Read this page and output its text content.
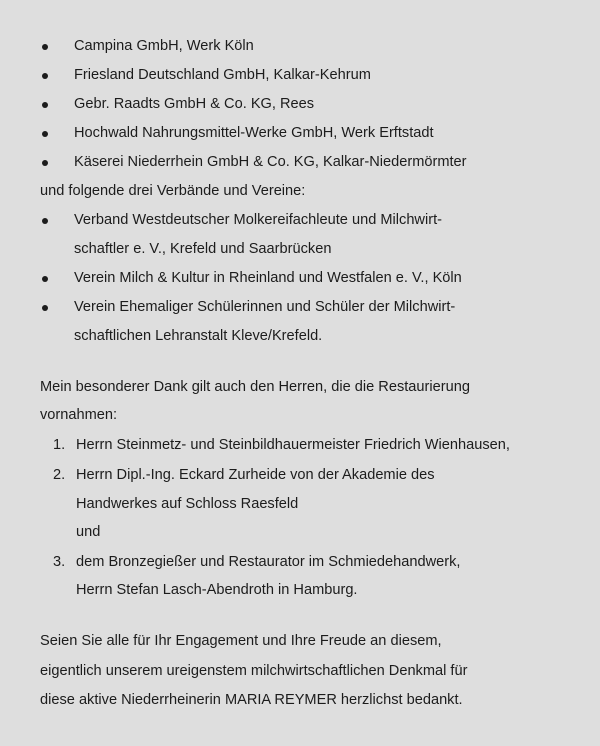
Campina GmbH, Werk Köln
Friesland Deutschland GmbH, Kalkar-Kehrum
Gebr. Raadts GmbH & Co. KG, Rees
Hochwald Nahrungsmittel-Werke GmbH, Werk Erftstadt
Käserei Niederrhein GmbH & Co. KG, Kalkar-Niedermörmter
und folgende drei Verbände und Vereine:
Verband Westdeutscher Molkereifachleute und Milchwirt-
schaftler e. V., Krefeld und Saarbrücken
Verein Milch & Kultur in Rheinland und Westfalen e. V., Köln
Verein Ehemaliger Schülerinnen und Schüler der Milchwirt-
schaftlichen Lehranstalt Kleve/Krefeld.
Mein besonderer Dank gilt auch den Herren, die die Restaurierung
vornahmen:
1. Herrn Steinmetz- und Steinbildhauermeister Friedrich Wienhausen,
2. Herrn Dipl.-Ing. Eckard Zurheide von der Akademie des
Handwerkes auf Schloss Raesfeld
und
3. dem Bronzegießer und Restaurator im Schmiedehandwerk,
Herrn Stefan Lasch-Abendroth in Hamburg.
Seien Sie alle für Ihr Engagement und Ihre Freude an diesem,
eigentlich unserem ureigenstem milchwirtschaftlichen Denkmal für
diese aktive Niederrheinerin MARIA REYMER herzlichst bedankt.
